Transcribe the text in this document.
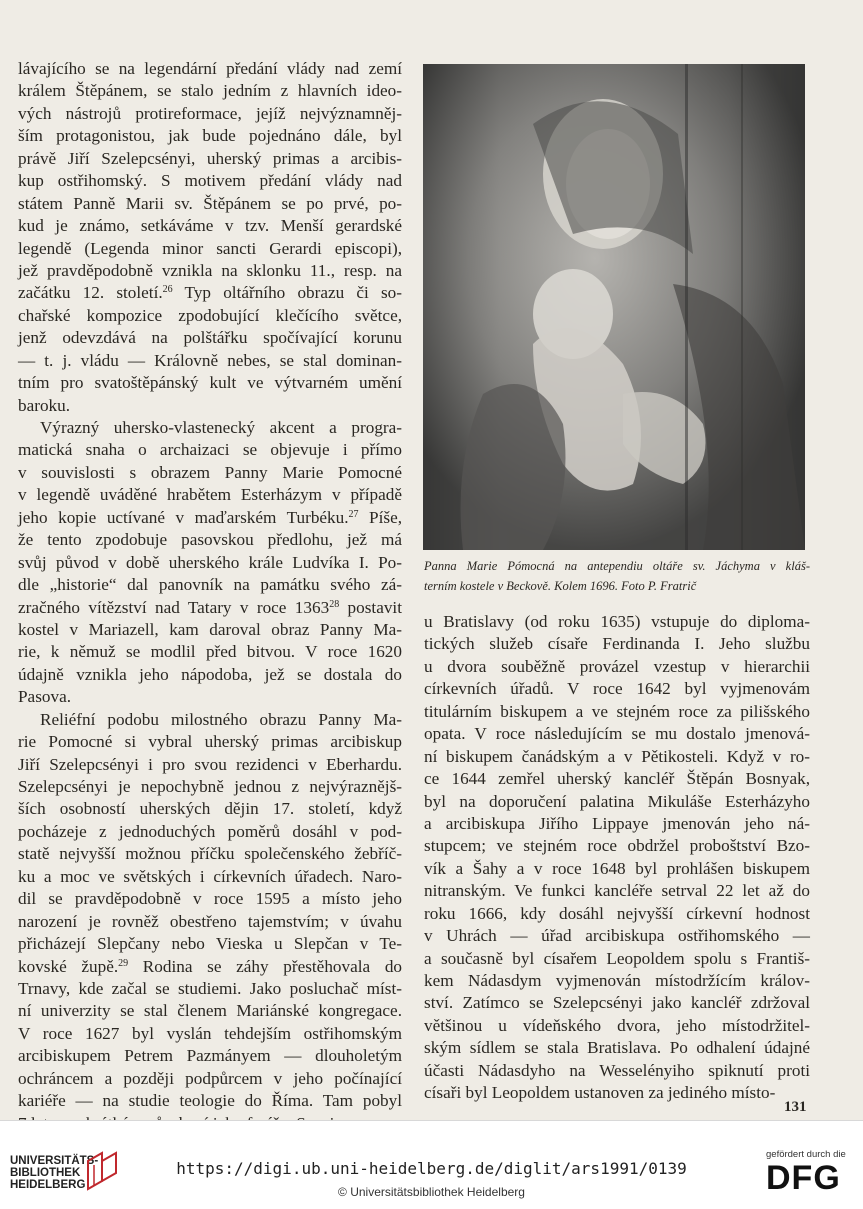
lávajícího se na legendární předání vlády nad zemí
králem Štěpánem, se stalo jedním z hlavních ideo-
vých nástrojů protireformace, jejíž nejvýznamněj-
ším protagonistou, jak bude pojednáno dále, byl
právě Jiří Szelepcsényi, uherský primas a arcibis-
kup ostřihomský. S motivem předání vlády nad
státem Panně Marii sv. Štěpánem se po prvé, po-
kud je známo, setkáváme v tzv. Menší gerardské
legendě (Legenda minor sancti Gerardi episcopi),
jež pravděpodobně vznikla na sklonku 11., resp. na
začátku 12. století.$^{26}$ Typ oltářního obrazu či so-
chařské kompozice zpodobující klečícího světce,
jenž odevzdává na polštářku spočívající korunu
— t. j. vládu — Královně nebes, se stal dominan-
tním pro svatoštěpánský kult ve výtvarném umění
baroku.
Výrazný uhersko-vlastenecký akcent a progra-
matická snaha o archaizaci se objevuje i přímo
v souvislosti s obrazem Panny Marie Pomocné
v legendě uváděné hrabětem Esterházym v případě
jeho kopie uctívané v maďarském Turbéku.$^{27}$ Píše,
že tento zpodobuje pasovskou předlohu, jež má
svůj původ v době uherského krále Ludvíka I. Po-
dle „historie“ dal panovník na památku svého zá-
zračného vítězství nad Tatary v roce 1363$^{28}$ postavit
kostel v Mariazell, kam daroval obraz Panny Ma-
rie, k němuž se modlil před bitvou. V roce 1620
údajně vznikla jeho nápodoba, jež se dostala do
Pasova.
Reliéfní podobu milostného obrazu Panny Ma-
rie Pomocné si vybral uherský primas arcibiskup
Jiří Szelepcsényi i pro svou rezidenci v Eberhardu.
Szelepcsényi je nepochybně jednou z nejvýraznějš-
ších osobností uherských dějin 17. století, když
pocházeje z jednoduchých poměrů dosáhl v pod-
statě nejvyšší možnou příčku společenského žebříč-
ku a moc ve světských i církevních úřadech. Naro-
dil se pravděpodobně v roce 1595 a místo jeho
narození je rovněž obestřeno tajemstvím; v úvahu
přicházejí Slepčany nebo Vieska u Slepčan v Te-
kovské župě.$^{29}$ Rodina se záhy přestěhovala do
Trnavy, kde začal se studiemi. Jako posluchač míst-
ní univerzity se stal členem Mariánské kongregace.
V roce 1627 byl vyslán tehdejším ostřihomským
arcibiskupem Petrem Pazmányem — dlouholetým
ochráncem a později podpůrcem v jeho počínající
kariéře — na studie teologie do Říma. Tam pobyl
Panna Marie Pómocná na antependiu oltáře sv. Jáchyma v kláš-
terním kostele v Beckově. Kolem 1696. Foto P. Fratrič
u Bratislavy (od roku 1635) vstupuje do diploma-
tických služeb císaře Ferdinanda I. Jeho službu
u dvora souběžně provázel vzestup v hierarchii
církevních úřadů. V roce 1642 byl vyjmenovám
titulárním biskupem a ve stejném roce za pilišského
opata. V roce následujícím se mu dostalo jmenová-
ní biskupem čanádským a v Pětikosteli. Když v ro-
ce 1644 zemřel uherský kancléř Štěpán Bosnyak,
byl na doporučení palatina Mikuláše Esterházyho
a arcibiskupa Jiřího Lippaye jmenován jeho ná-
stupcem; ve stejném roce obdržel proboštství Bzo-
vík a Šahy a v roce 1648 byl prohlášen biskupem
nitranským. Ve funkci kancléře setrval 22 let až do
roku 1666, kdy dosáhl nejvyšší církevní hodnost
v Uhrách — úřad arcibiskupa ostřihomského —
a současně byl císařem Leopoldem spolu s Františ-
kem Nádasdym vyjmenován místodržícím králov-
ství. Zatímco se Szelepcsényi jako kancléř zdržoval
většinou u vídeňského dvora, jeho místodržitel-
ským sídlem se stala Bratislava. Po odhalení údajné
účasti Nádasdyho na Wesselényiho spiknutí proti
císaři byl Leopoldem ustanoven za jediného místo-
131
UNIVERSITÄTS-
BIBLIOTHEK
HEIDELBERG
https://digi.ub.uni-heidelberg.de/diglit/ars1991/0139
© Universitätsbibliothek Heidelberg
gefördert durch die
DFG
